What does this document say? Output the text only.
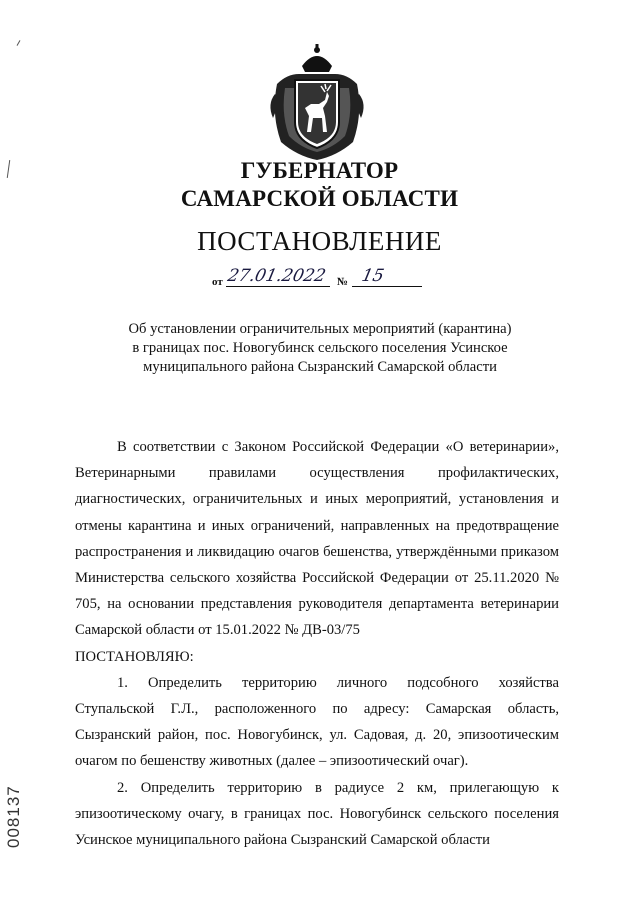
ГУБЕРНАТОР
САМАРСКОЙ ОБЛАСТИ
ПОСТАНОВЛЕНИЕ
от 27.01.2022 № 15
Об установлении ограничительных мероприятий (карантина)
в границах пос. Новогубинск сельского поселения Усинское
муниципального района Сызранский Самарской области

В соответствии с Законом Российской Федерации «О ветеринарии», Ветеринарными правилами осуществления профилактических, диагностических, ограничительных и иных мероприятий, установления и отмены карантина и иных ограничений, направленных на предотвращение распространения и ликвидацию очагов бешенства, утверждёнными приказом Министерства сельского хозяйства Российской Федерации от 25.11.2020 № 705, на основании представления руководителя департамента ветеринарии Самарской области от 15.01.2022 № ДВ-03/75

ПОСТАНОВЛЯЮ:

1. Определить территорию личного подсобного хозяйства Ступальской Г.Л., расположенного по адресу: Самарская область, Сызранский район, пос. Новогубинск, ул. Садовая, д. 20, эпизоотическим очагом по бешенству животных (далее – эпизоотический очаг).

2. Определить территорию в радиусе 2 км, прилегающую к эпизоотическому очагу, в границах пос. Новогубинск сельского поселения Усинское муниципального района Сызранский Самарской области

008137
